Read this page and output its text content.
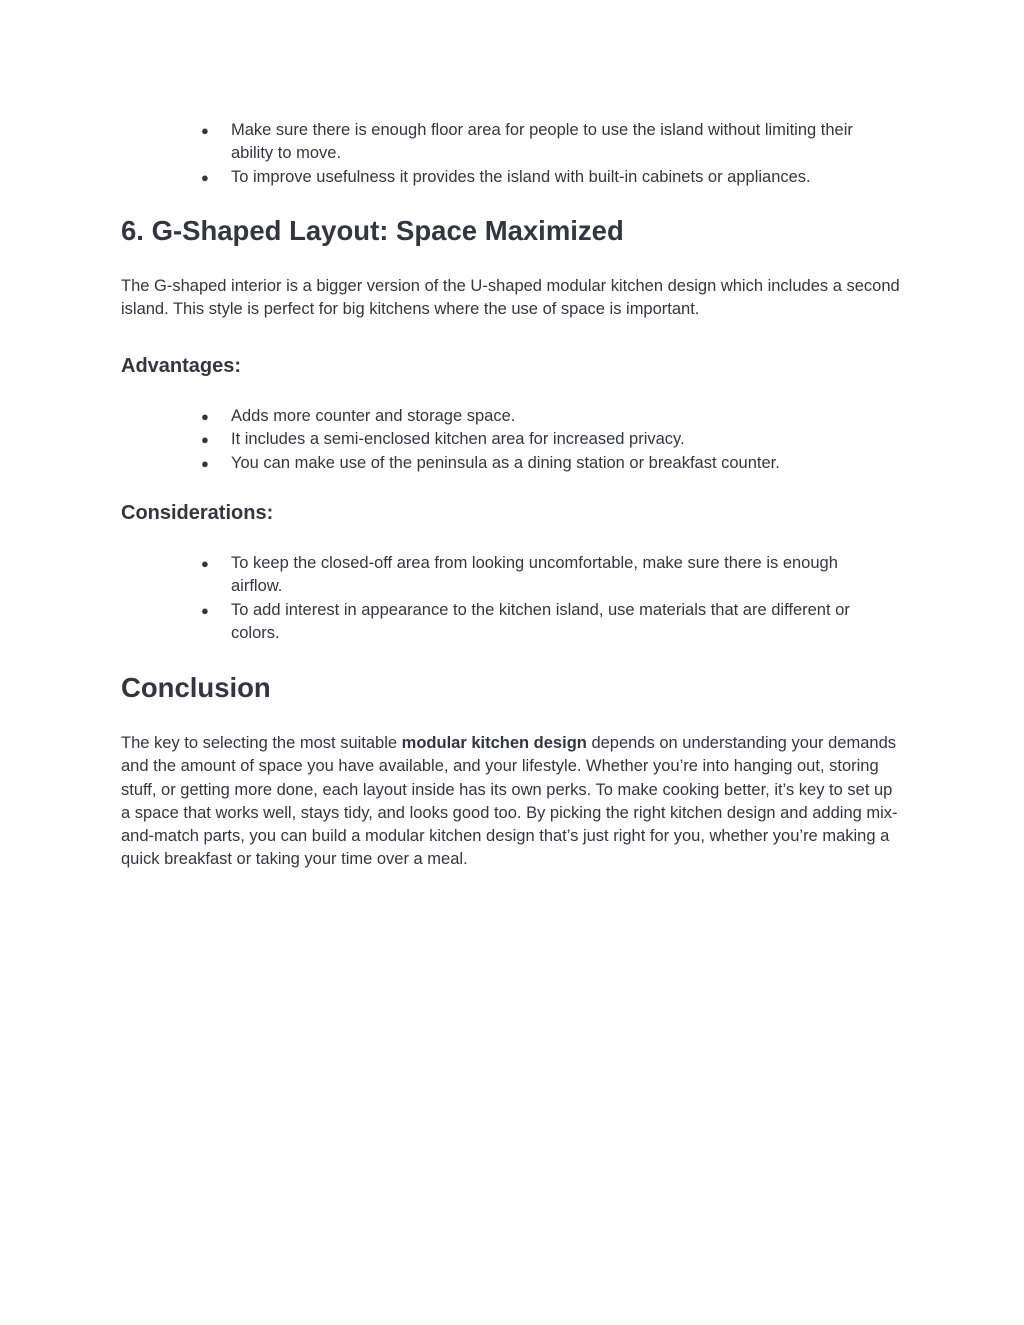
● Make sure there is enough floor area for people to use the island without limiting their ability to move.
● To improve usefulness it provides the island with built-in cabinets or appliances.
6. G-Shaped Layout: Space Maximized

The G-shaped interior is a bigger version of the U-shaped modular kitchen design which includes a second island. This style is perfect for big kitchens where the use of space is important.

Advantages:
● Adds more counter and storage space.
● It includes a semi-enclosed kitchen area for increased privacy.
● You can make use of the peninsula as a dining station or breakfast counter.
Considerations:
● To keep the closed-off area from looking uncomfortable, make sure there is enough airflow.
● To add interest in appearance to the kitchen island, use materials that are different or colors.
Conclusion

The key to selecting the most suitable modular kitchen design depends on understanding your demands and the amount of space you have available, and your lifestyle. Whether you’re into hanging out, storing stuff, or getting more done, each layout inside has its own perks. To make cooking better, it’s key to set up a space that works well, stays tidy, and looks good too. By picking the right kitchen design and adding mix-and-match parts, you can build a modular kitchen design that’s just right for you, whether you’re making a quick breakfast or taking your time over a meal.
